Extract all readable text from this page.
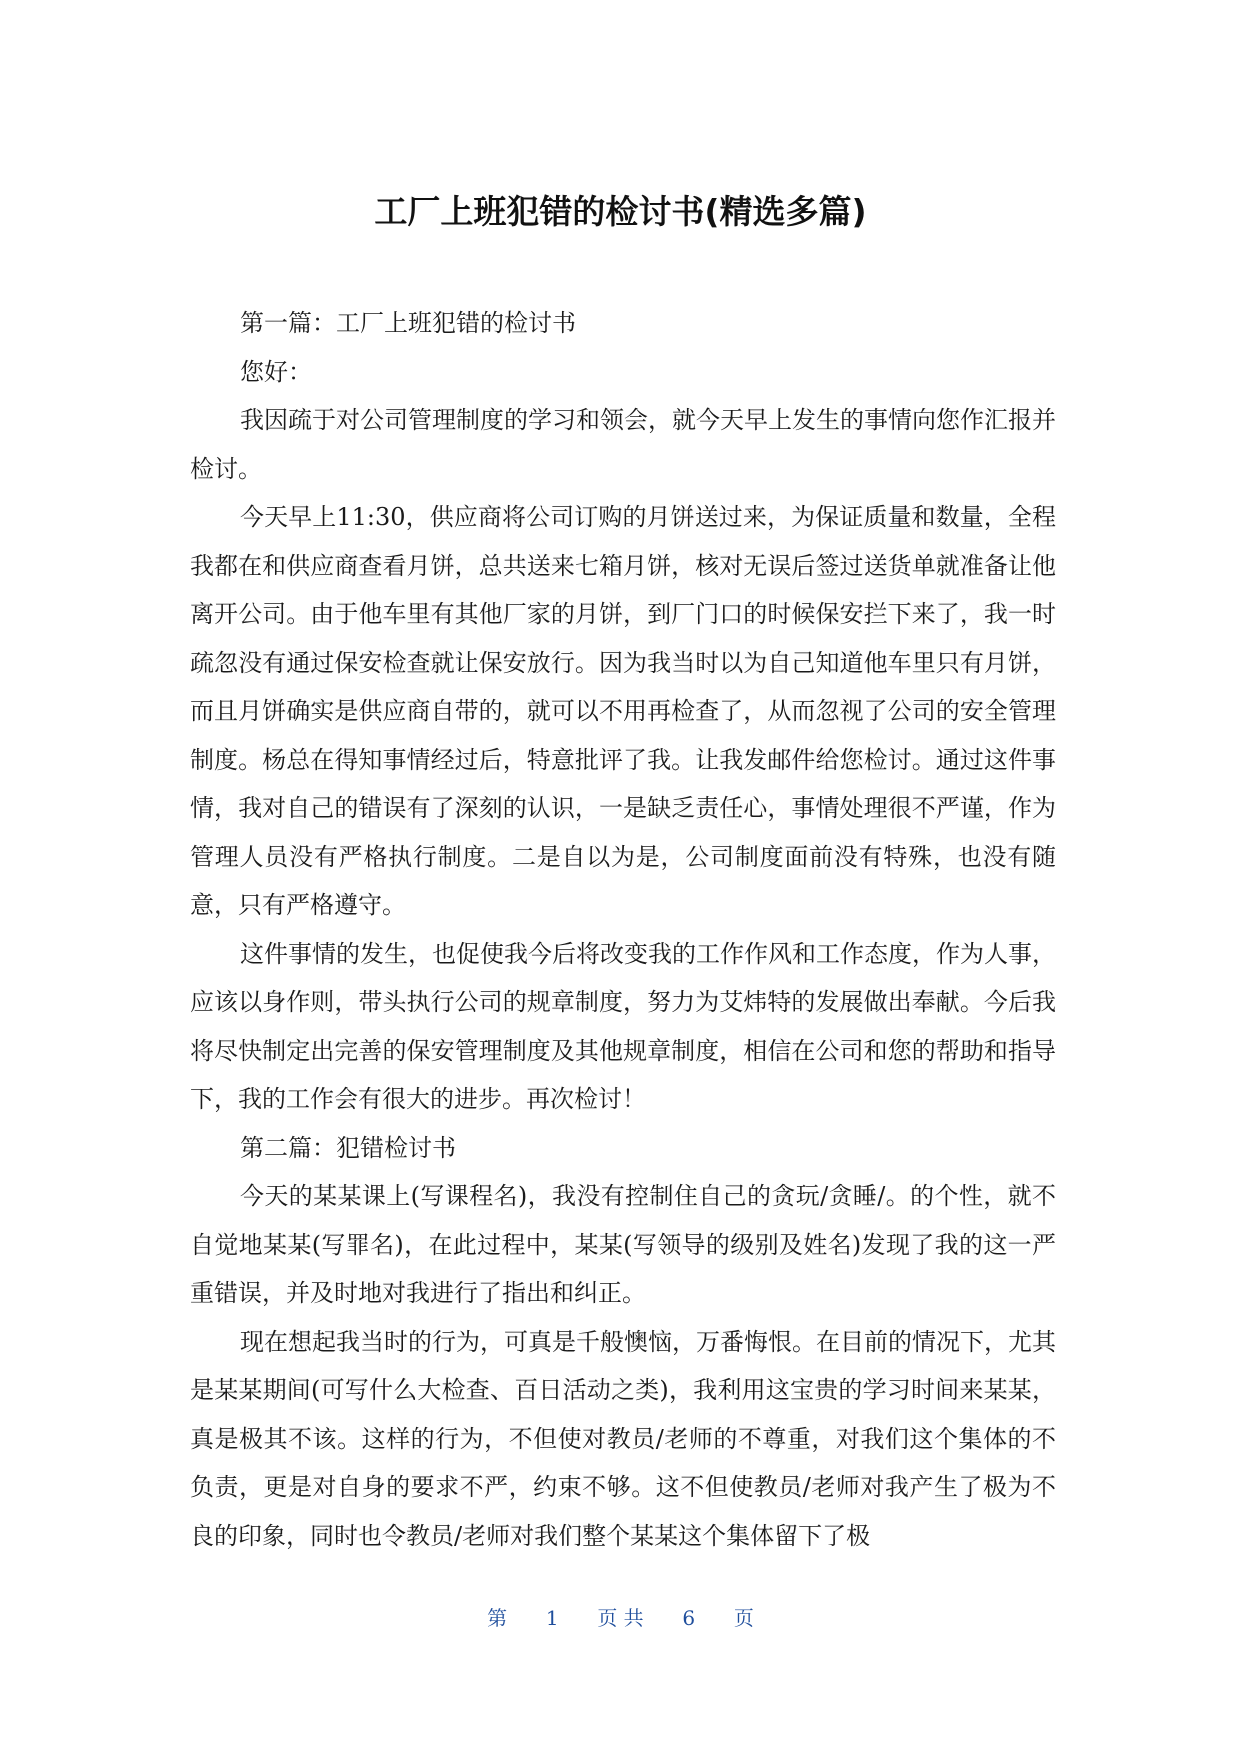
工厂上班犯错的检讨书(精选多篇)

第一篇：工厂上班犯错的检讨书

您好：

我因疏于对公司管理制度的学习和领会，就今天早上发生的事情向您作汇报并检讨。

今天早上11:30，供应商将公司订购的月饼送过来，为保证质量和数量，全程我都在和供应商查看月饼，总共送来七箱月饼，核对无误后签过送货单就准备让他离开公司。由于他车里有其他厂家的月饼，到厂门口的时候保安拦下来了，我一时疏忽没有通过保安检查就让保安放行。因为我当时以为自己知道他车里只有月饼，而且月饼确实是供应商自带的，就可以不用再检查了，从而忽视了公司的安全管理制度。杨总在得知事情经过后，特意批评了我。让我发邮件给您检讨。通过这件事情，我对自己的错误有了深刻的认识，一是缺乏责任心，事情处理很不严谨，作为管理人员没有严格执行制度。二是自以为是，公司制度面前没有特殊，也没有随意，只有严格遵守。

这件事情的发生，也促使我今后将改变我的工作作风和工作态度，作为人事，应该以身作则，带头执行公司的规章制度，努力为艾炜特的发展做出奉献。今后我将尽快制定出完善的保安管理制度及其他规章制度，相信在公司和您的帮助和指导下，我的工作会有很大的进步。再次检讨！

第二篇：犯错检讨书

今天的某某课上(写课程名)，我没有控制住自己的贪玩/贪睡/。的个性，就不自觉地某某(写罪名)，在此过程中，某某(写领导的级别及姓名)发现了我的这一严重错误，并及时地对我进行了指出和纠正。

现在想起我当时的行为，可真是千般懊恼，万番悔恨。在目前的情况下，尤其是某某期间(可写什么大检查、百日活动之类)，我利用这宝贵的学习时间来某某，真是极其不该。这样的行为，不但使对教员/老师的不尊重，对我们这个集体的不负责，更是对自身的要求不严，约束不够。这不但使教员/老师对我产生了极为不良的印象，同时也令教员/老师对我们整个某某这个集体留下了极

第 1 页 共 6 页
